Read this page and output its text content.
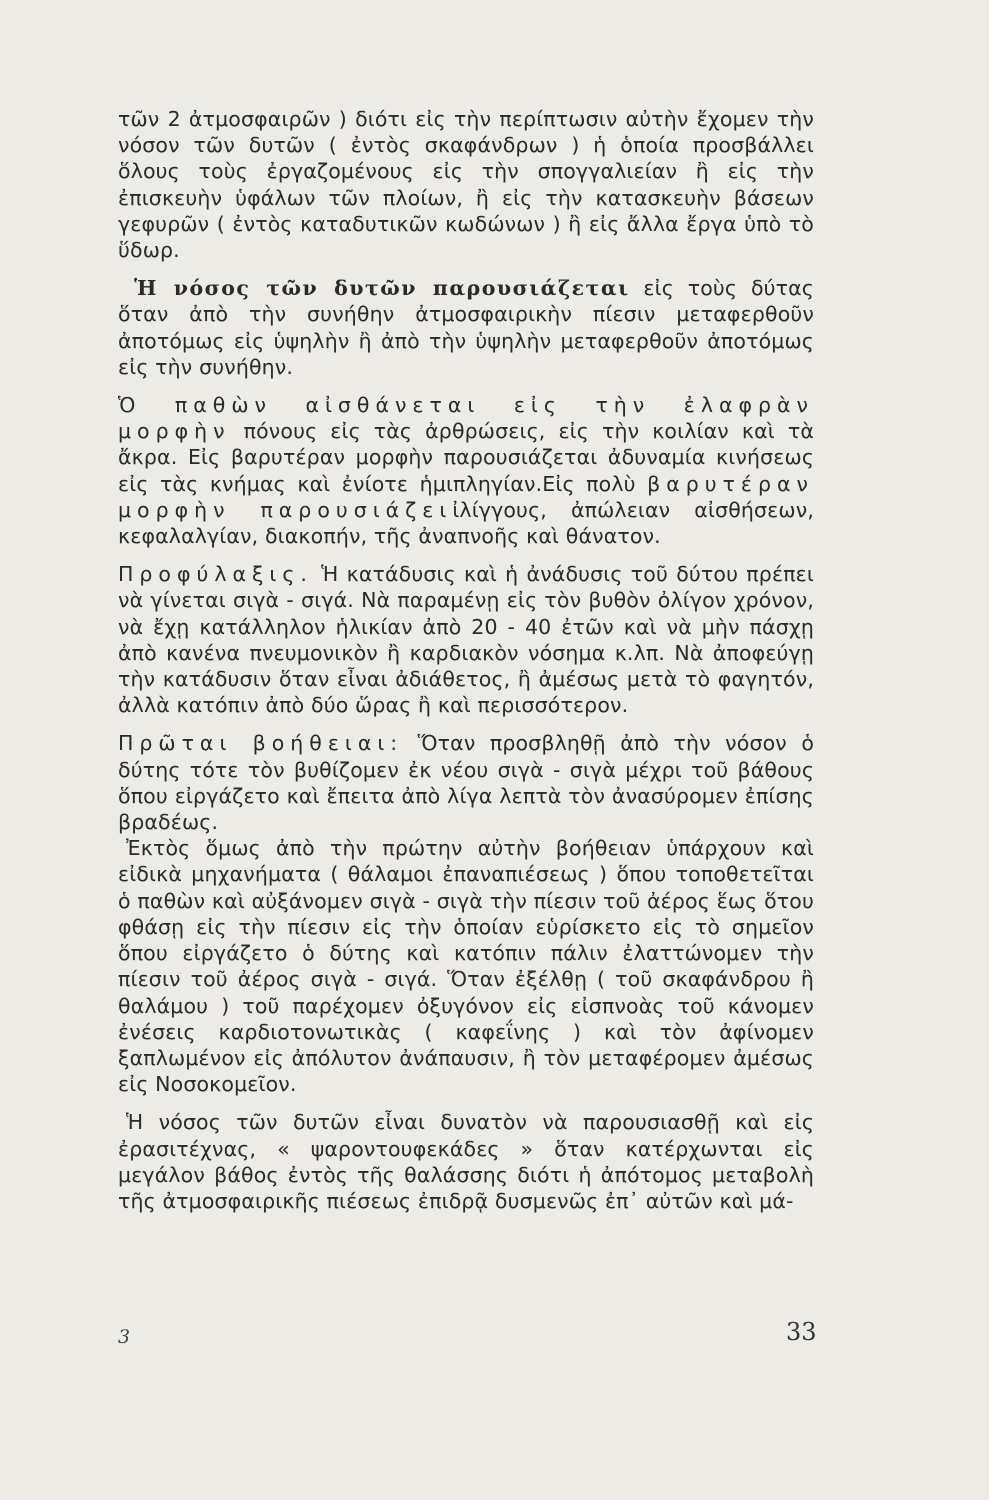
τῶν 2 ἀτμοσφαιρῶν ) διότι εἰς τὴν περίπτωσιν αὐτὴν ἔχομεν τὴν νόσον τῶν δυτῶν ( ἐντὸς σκαφάνδρων ) ἡ ὁποία προσβάλλει ὅλους τοὺς ἐργαζομένους εἰς τὴν σπογγαλιείαν ἢ εἰς τὴν ἐπισκευὴν ὑφάλων τῶν πλοίων, ἢ εἰς τὴν κατασκευὴν βάσεων γεφυρῶν ( ἐντὸς καταδυτικῶν κωδώνων ) ἢ εἰς ἄλλα ἔργα ὑπὸ τὸ ὕδωρ.

Ἡ νόσος τῶν δυτῶν παρουσιάζεται εἰς τοὺς δύτας ὅταν ἀπὸ τὴν συνήθην ἀτμοσφαιρικὴν πίεσιν μεταφερθοῦν ἀποτόμως εἰς ὑψηλὴν ἢ ἀπὸ τὴν ὑψηλὴν μεταφερθοῦν ἀποτόμως εἰς τὴν συνήθην.

Ὁ παθὼν αἰσθάνεται εἰς τὴν ἐλαφρὰν μορφὴν πόνους εἰς τὰς ἀρθρώσεις, εἰς τὴν κοιλίαν καὶ τὰ ἄκρα. Εἰς βαρυτέραν μορφὴν παρουσιάζεται ἀδυναμία κινήσεως εἰς τὰς κνήμας καὶ ἐνίοτε ἡμιπληγίαν.Εἰς πολὺ βαρυτέραν μορφὴν παρουσιάζειἰλίγγους, ἀπώλειαν αἰσθήσεων, κεφαλαλγίαν, διακοπήν, τῆς ἀναπνοῆς καὶ θάνατον.

Προφύλαξις. Ἡ κατάδυσις καὶ ἡ ἀνάδυσις τοῦ δύτου πρέπει νὰ γίνεται σιγὰ - σιγά. Νὰ παραμένῃ εἰς τὸν βυθὸν ὀλίγον χρόνον, νὰ ἔχῃ κατάλληλον ἡλικίαν ἀπὸ 20 - 40 ἐτῶν καὶ νὰ μὴν πάσχῃ ἀπὸ κανένα πνευμονικὸν ἢ καρδιακὸν νόσημα κ.λπ. Νὰ ἀποφεύγῃ τὴν κατάδυσιν ὅταν εἶναι ἀδιάθετος, ἢ ἀμέσως μετὰ τὸ φαγητόν, ἀλλὰ κατόπιν ἀπὸ δύο ὥρας ἢ καὶ περισσότερον.

Πρῶται βοήθειαι: Ὅταν προσβληθῇ ἀπὸ τὴν νόσον ὁ δύτης τότε τὸν βυθίζομεν ἐκ νέου σιγὰ - σιγὰ μέχρι τοῦ βάθους ὅπου εἰργάζετο καὶ ἔπειτα ἀπὸ λίγα λεπτὰ τὸν ἀνασύρομεν ἐπίσης βραδέως.

Ἐκτὸς ὅμως ἀπὸ τὴν πρώτην αὐτὴν βοήθειαν ὑπάρχουν καὶ εἰδικὰ μηχανήματα ( θάλαμοι ἐπαναπιέσεως ) ὅπου τοποθετεῖται ὁ παθὼν καὶ αὐξάνομεν σιγὰ - σιγὰ τὴν πίεσιν τοῦ ἀέρος ἕως ὅτου φθάσῃ εἰς τὴν πίεσιν εἰς τὴν ὁποίαν εὑρίσκετο εἰς τὸ σημεῖον ὅπου εἰργάζετο ὁ δύτης καὶ κατόπιν πάλιν ἐλαττώνομεν τὴν πίεσιν τοῦ ἀέρος σιγὰ - σιγά. Ὅταν ἐξέλθῃ ( τοῦ σκαφάνδρου ἢ θαλάμου ) τοῦ παρέχομεν ὀξυγόνον εἰς εἰσπνοὰς τοῦ κάνομεν ἐνέσεις καρδιοτονωτικὰς ( καφεΐνης ) καὶ τὸν ἀφίνομεν ξαπλωμένον εἰς ἀπόλυτον ἀνάπαυσιν, ἢ τὸν μεταφέρομεν ἀμέσως εἰς Νοσοκομεῖον.

Ἡ νόσος τῶν δυτῶν εἶναι δυνατὸν νὰ παρουσιασθῇ καὶ εἰς ἐρασιτέχνας, « ψαροντουφεκάδες » ὅταν κατέρχωνται εἰς μεγάλον βάθος ἐντὸς τῆς θαλάσσης διότι ἡ ἀπότομος μεταβολὴ τῆς ἀτμοσφαιρικῆς πιέσεως ἐπιδρᾷ δυσμενῶς ἐπ᾽ αὐτῶν καὶ μά-

3	33
